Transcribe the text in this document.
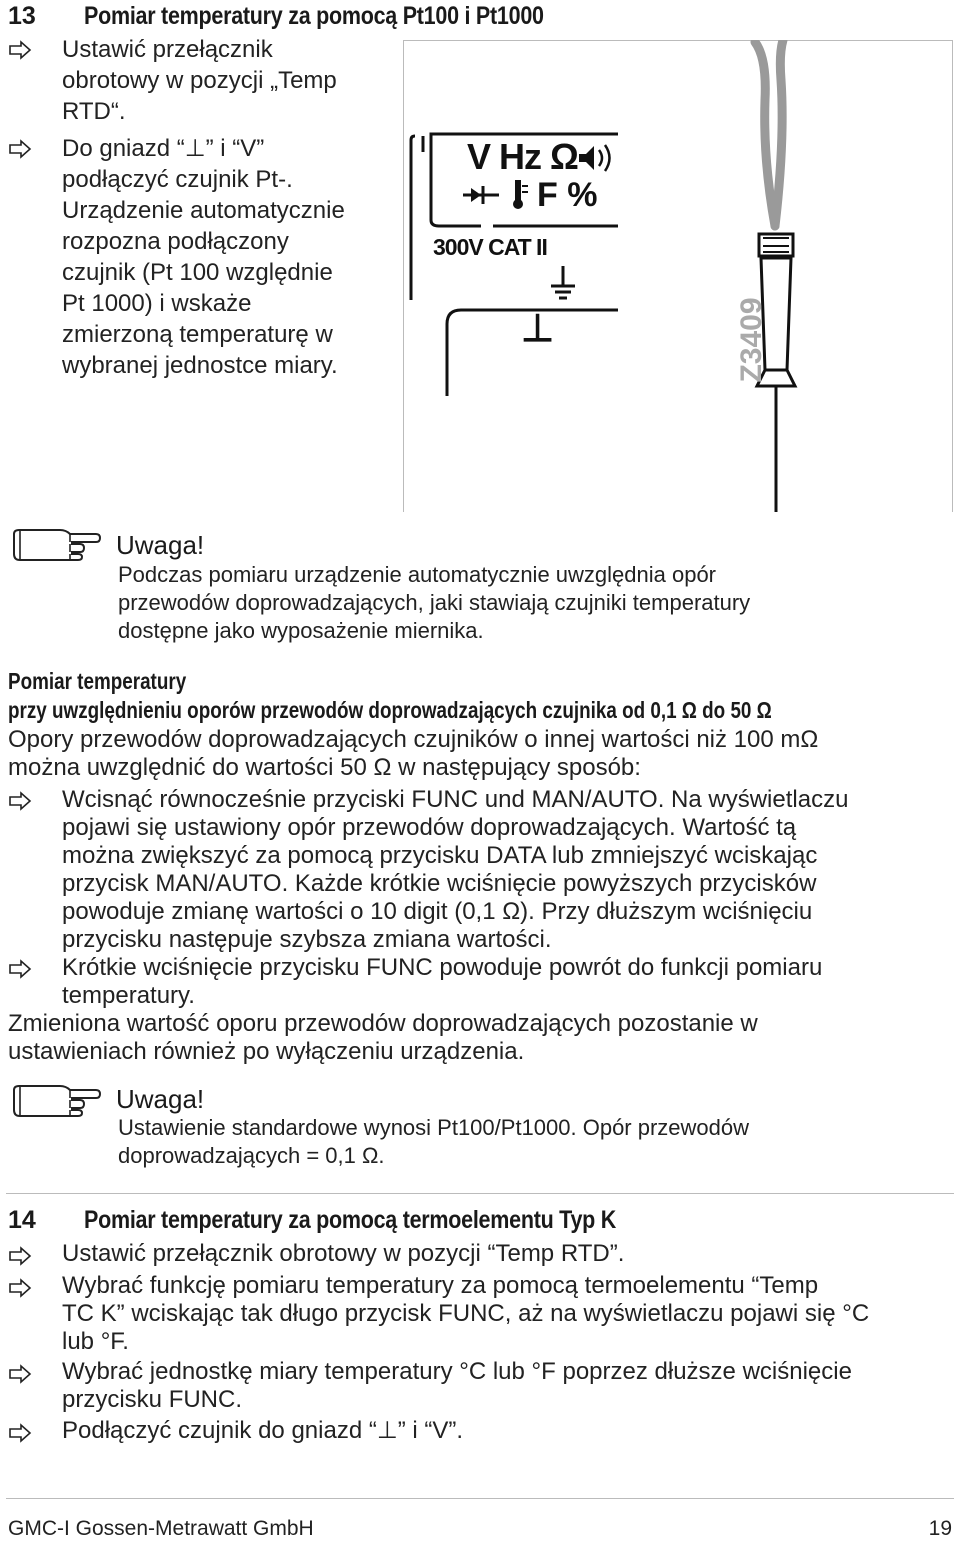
13 Pomiar temperatury za pomocą Pt100 i Pt1000
Ustawić przełącznik
obrotowy w pozycji „Temp
RTD“.
Do gniazd “⊥” i “V”
podłączyć czujnik Pt-.
Urządzenie automatycznie
rozpozna podłączony
czujnik (Pt 100 względnie
Pt 1000) i wskaże
zmierzoną temperaturę w
wybranej jednostce miary.
V Hz Ω
F %
300V CAT II
⊥	Z3409
Uwaga!
Podczas pomiaru urządzenie automatycznie uwzględnia opór
przewodów doprowadzających, jaki stawiają czujniki temperatury
dostępne jako wyposażenie miernika.
Pomiar temperatury
przy uwzględnieniu oporów przewodów doprowadzających czujnika od 0,1 Ω do 50 Ω
Opory przewodów doprowadzających czujników o innej wartości niż 100 mΩ
można uwzględnić do wartości 50 Ω w następujący sposób:
Wcisnąć równocześnie przyciski FUNC und MAN/AUTO. Na wyświetlaczu
pojawi się ustawiony opór przewodów doprowadzających. Wartość tą
można zwiększyć za pomocą przycisku DATA lub zmniejszyć wciskając
przycisk MAN/AUTO. Każde krótkie wciśnięcie powyższych przycisków
powoduje zmianę wartości o 10 digit (0,1 Ω). Przy dłuższym wciśnięciu
przycisku następuje szybsza zmiana wartości.
Krótkie wciśnięcie przycisku FUNC powoduje powrót do funkcji pomiaru
temperatury.
Zmieniona wartość oporu przewodów doprowadzających pozostanie w
ustawieniach również po wyłączeniu urządzenia.
Uwaga!
Ustawienie standardowe wynosi Pt100/Pt1000. Opór przewodów
doprowadzających = 0,1 Ω.
14 Pomiar temperatury za pomocą termoelementu Typ K
Ustawić przełącznik obrotowy w pozycji “Temp RTD”.
Wybrać funkcję pomiaru temperatury za pomocą termoelementu “Temp
TC K” wciskając tak długo przycisk FUNC, aż na wyświetlaczu pojawi się °C
lub °F.
Wybrać jednostkę miary temperatury °C lub °F poprzez dłuższe wciśnięcie
przycisku FUNC.
Podłączyć czujnik do gniazd “⊥” i “V”.
GMC-I Gossen-Metrawatt GmbH	19
